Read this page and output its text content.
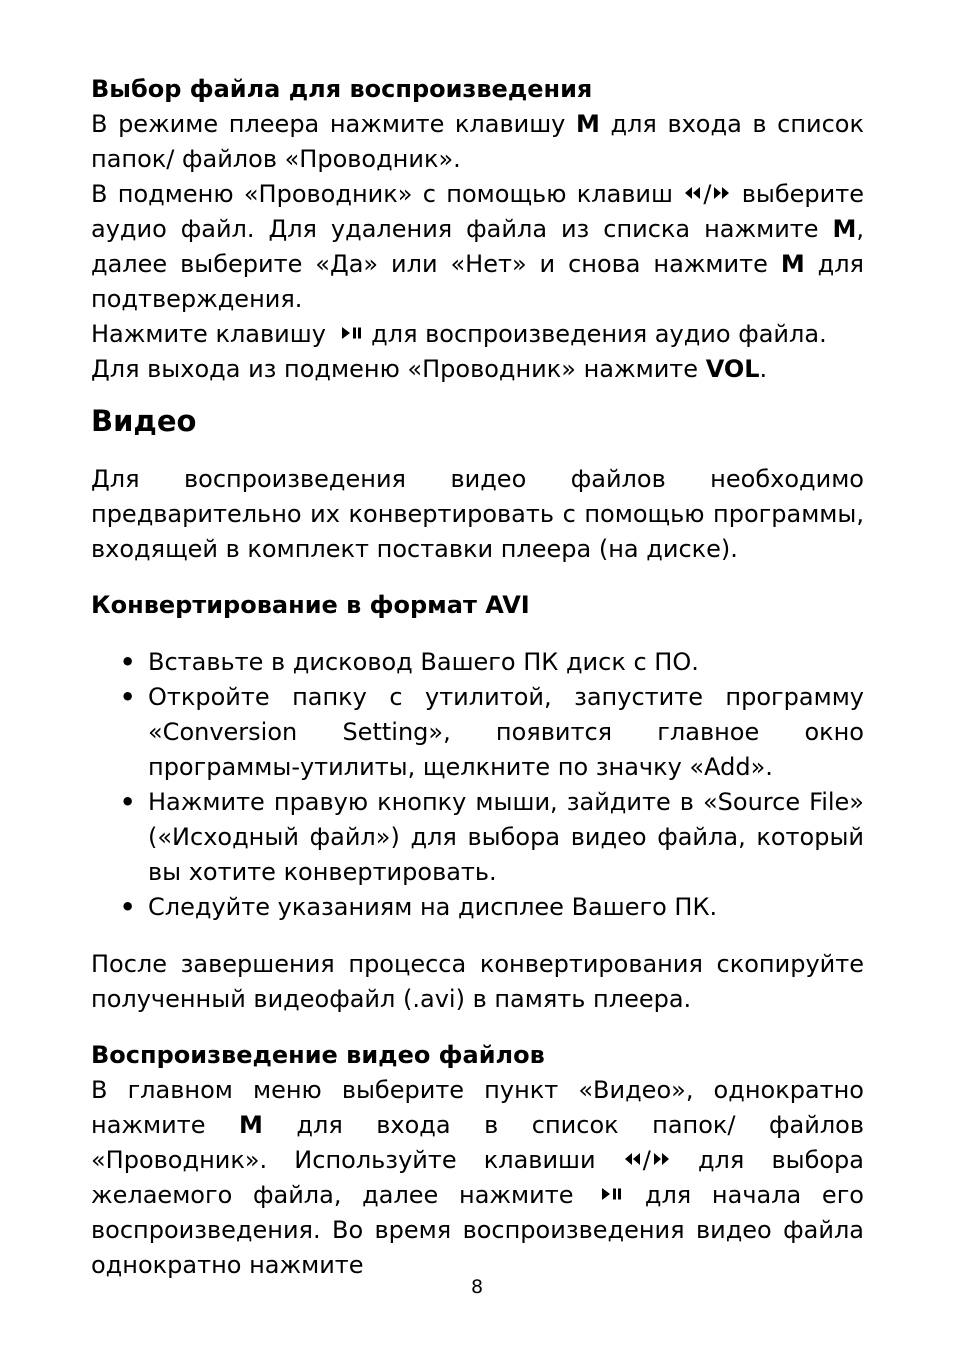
Выбор файла для воспроизведения

В режиме плеера нажмите клавишу M для входа в список папок/ файлов «Проводник».

В подменю «Проводник» с помощью клавиш
/
выберите аудио файл. Для удаления файла из списка нажмите M, далее выберите «Да» или «Нет» и снова нажмите M для подтверждения.

Нажмите клавишу
для воспроизведения аудио файла.

Для выхода из подменю «Проводник» нажмите VOL.

Видео

Для воспроизведения видео файлов необходимо предварительно их конвертировать с помощью программы, входящей в комплект поставки плеера (на диске).

Конвертирование в формат AVI

• Вставьте в дисковод Вашего ПК диск с ПО.
• Откройте папку с утилитой, запустите программу «Conversion Setting», появится главное окно программы-утилиты, щелкните по значку «Add».
• Нажмите правую кнопку мыши, зайдите в «Source File» («Исходный файл») для выбора видео файла, который вы хотите конвертировать.
• Следуйте указаниям на дисплее Вашего ПК.

После завершения процесса конвертирования скопируйте полученный видеофайл (.avi) в память плеера.

Воспроизведение видео файлов

В главном меню выберите пункт «Видео», однократно нажмите M для входа в список папок/ файлов «Проводник». Используйте клавиши
/
для выбора желаемого файла, далее нажмите
для начала его воспроизведения. Во время воспроизведения видео файла однократно нажмите

8
